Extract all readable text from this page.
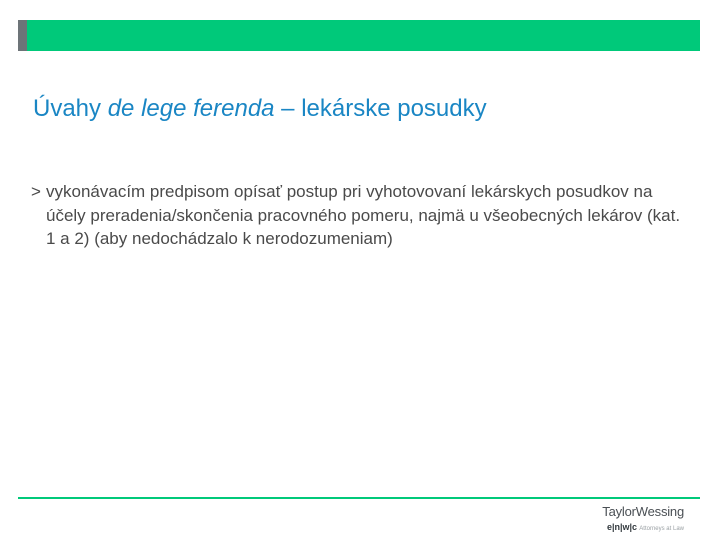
Úvahy de lege ferenda – lekárske posudky
> vykonávacím predpisom opísať postup pri vyhotovovaní lekárskych posudkov na účely preradenia/skončenia pracovného pomeru, najmä u všeobecných lekárov (kat. 1 a 2) (aby nedochádzalo k nerodozumeniam)
TaylorWessing
e|n|w|c Attorneys at Law
